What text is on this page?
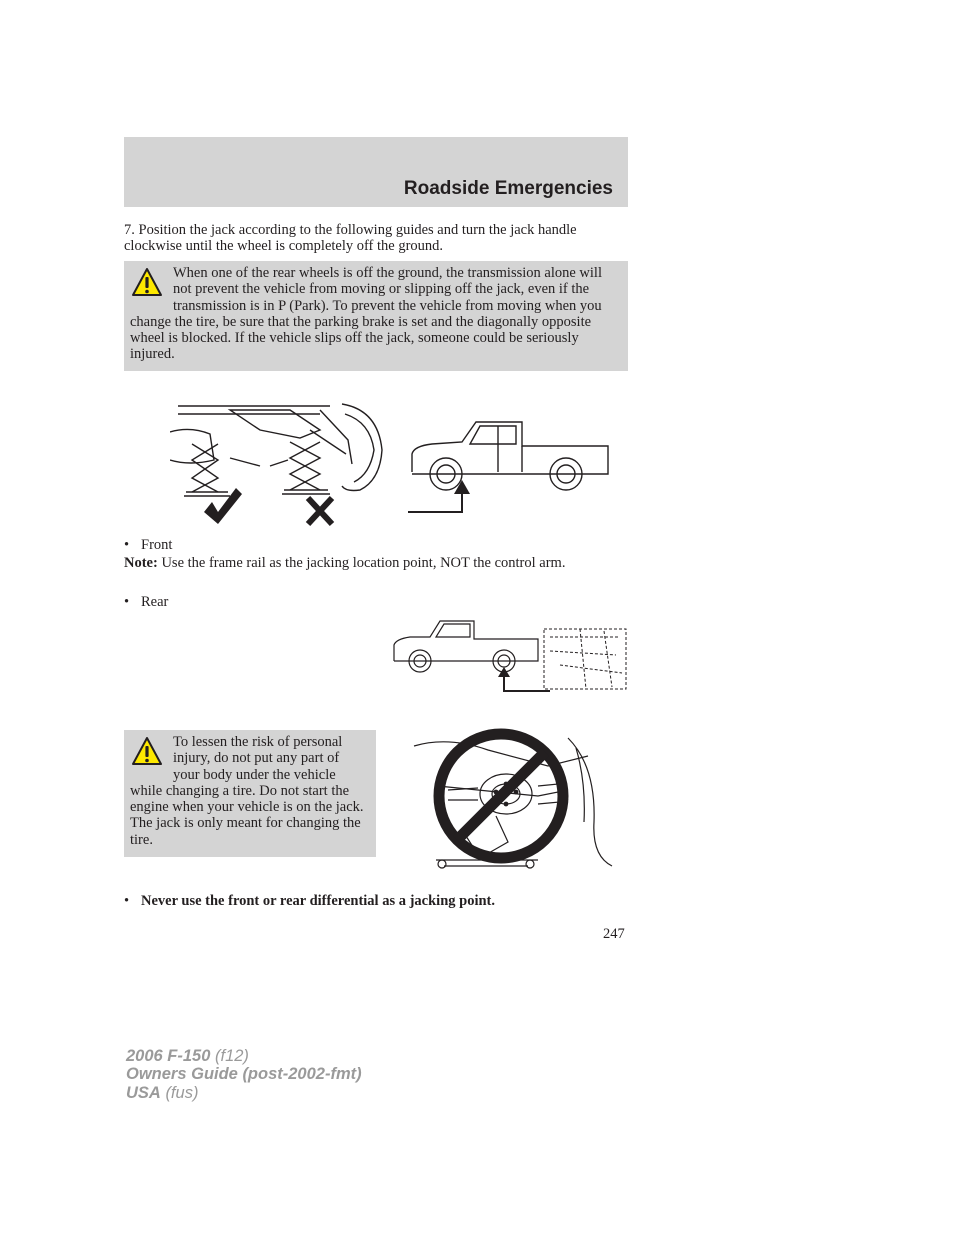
Roadside Emergencies
7. Position the jack according to the following guides and turn the jack handle clockwise until the wheel is completely off the ground.
When one of the rear wheels is off the ground, the transmission alone will not prevent the vehicle from moving or slipping off the jack, even if the transmission is in P (Park). To prevent the vehicle from moving when you change the tire, be sure that the parking brake is set and the diagonally opposite wheel is blocked. If the vehicle slips off the jack, someone could be seriously injured.
• Front
Note: Use the frame rail as the jacking location point, NOT the control arm.
• Rear
To lessen the risk of personal injury, do not put any part of your body under the vehicle while changing a tire. Do not start the engine when your vehicle is on the jack. The jack is only meant for changing the tire.
• Never use the front or rear differential as a jacking point.
247
2006 F-150 (f12)
Owners Guide (post-2002-fmt)
USA (fus)
